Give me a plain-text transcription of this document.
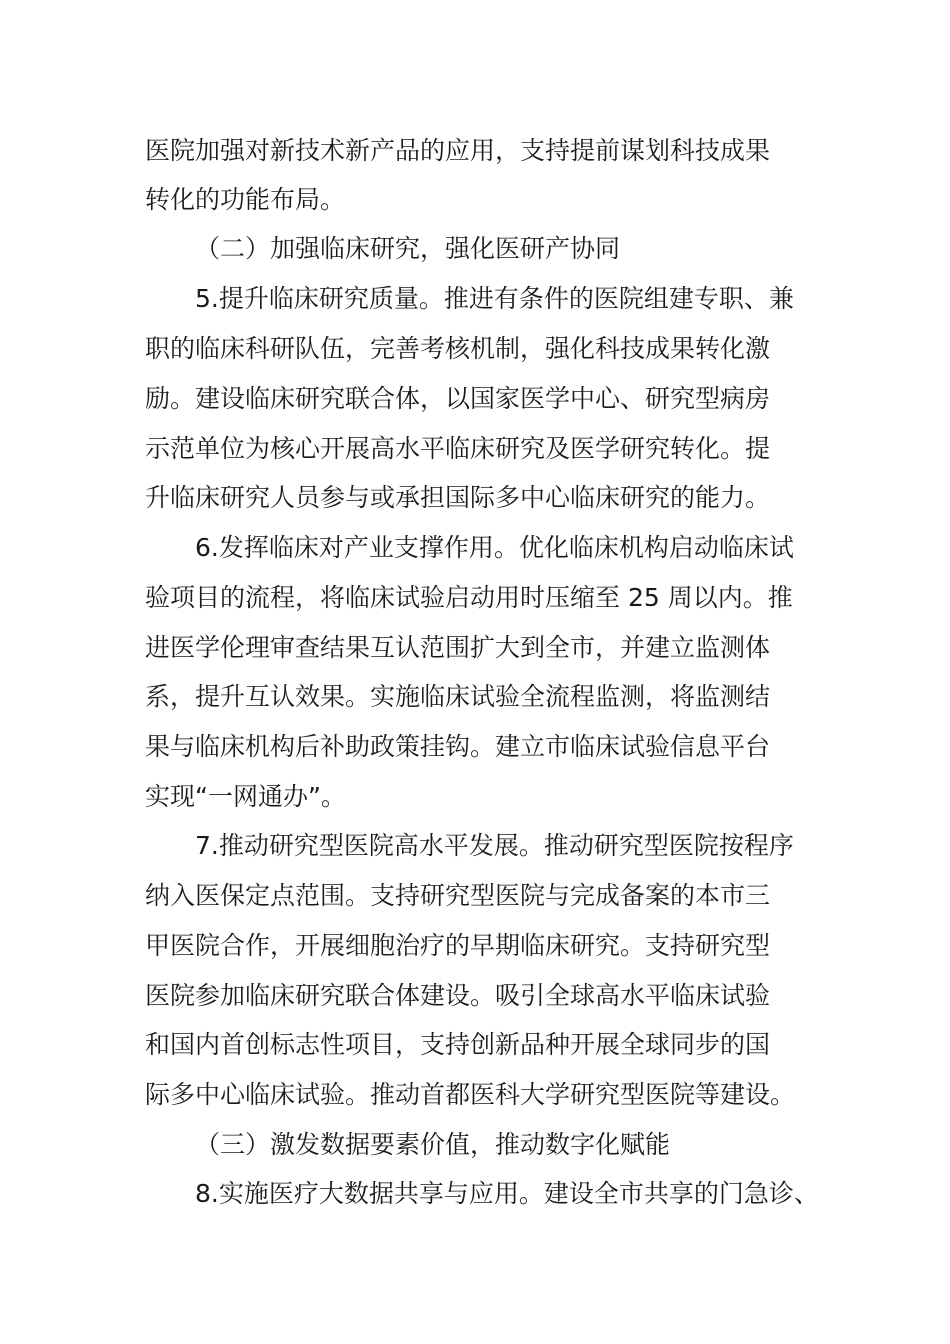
医院加强对新技术新产品的应用，支持提前谋划科技成果
转化的功能布局。
（二）加强临床研究，强化医研产协同
5.提升临床研究质量。推进有条件的医院组建专职、兼
职的临床科研队伍，完善考核机制，强化科技成果转化激
励。建设临床研究联合体，以国家医学中心、研究型病房
示范单位为核心开展高水平临床研究及医学研究转化。提
升临床研究人员参与或承担国际多中心临床研究的能力。
6.发挥临床对产业支撑作用。优化临床机构启动临床试
验项目的流程，将临床试验启动用时压缩至 25 周以内。推
进医学伦理审查结果互认范围扩大到全市，并建立监测体
系，提升互认效果。实施临床试验全流程监测，将监测结
果与临床机构后补助政策挂钩。建立市临床试验信息平台
实现“一网通办”。
7.推动研究型医院高水平发展。推动研究型医院按程序
纳入医保定点范围。支持研究型医院与完成备案的本市三
甲医院合作，开展细胞治疗的早期临床研究。支持研究型
医院参加临床研究联合体建设。吸引全球高水平临床试验
和国内首创标志性项目，支持创新品种开展全球同步的国
际多中心临床试验。推动首都医科大学研究型医院等建设。
（三）激发数据要素价值，推动数字化赋能
8.实施医疗大数据共享与应用。建设全市共享的门急诊、
